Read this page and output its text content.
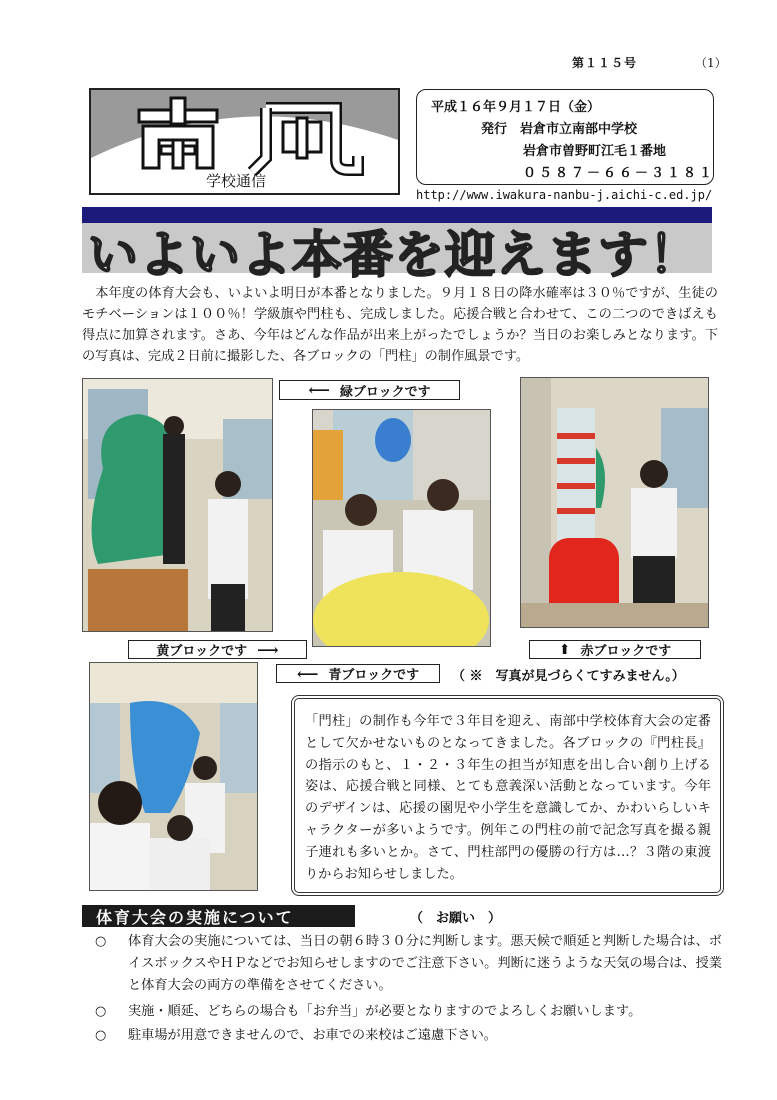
第１１５号	（1）
学校通信
平成１６年９月１７日（金）
発行　岩倉市立南部中学校
岩倉市曽野町江毛１番地
０５８７－６６－３１８１
http://www.iwakura-nanbu-j.aichi-c.ed.jp/
いよいよ本番を迎えます！
　本年度の体育大会も、いよいよ明日が本番となりました。９月１８日の降水確率は３０％ですが、生徒のモチベーションは１００％！学級旗や門柱も、完成しました。応援合戦と合わせて、この二つのできばえも得点に加算されます。さあ、今年はどんな作品が出来上がったでしょうか？当日のお楽しみとなります。下の写真は、完成２日前に撮影した、各ブロックの「門柱」の制作風景です。
⟵ 緑ブロックです
黄ブロックです ⟶	⬆ 赤ブロックです
⟵ 青ブロックです	（ ※　写真が見づらくてすみません。）

「門柱」の制作も今年で３年目を迎え、南部中学校体育大会の定番として欠かせないものとなってきました。各ブロックの『門柱長』の指示のもと、１・２・３年生の担当が知恵を出し合い創り上げる姿は、応援合戦と同様、とても意義深い活動となっています。今年のデザインは、応援の園児や小学生を意識してか、かわいらしいキャラクターが多いようです。例年この門柱の前で記念写真を撮る親子連れも多いとか。さて、門柱部門の優勝の行方は…？３階の東渡りからお知らせしました。

体育大会の実施について	（　お願い　）
○ 体育大会の実施については、当日の朝６時３０分に判断します。悪天候で順延と判断した場合は、ボイスボックスやＨＰなどでお知らせしますのでご注意下さい。判断に迷うような天気の場合は、授業と体育大会の両方の準備をさせてください。
○ 実施・順延、どちらの場合も「お弁当」が必要となりますのでよろしくお願いします。
○ 駐車場が用意できませんので、お車での来校はご遠慮下さい。
